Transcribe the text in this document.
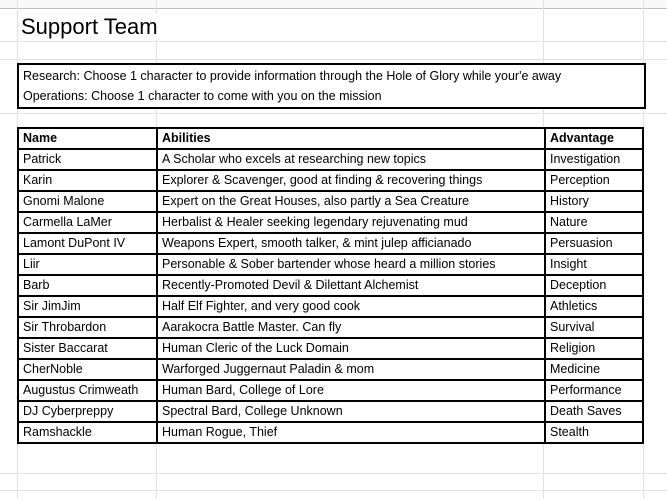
Support Team
Research: Choose 1 character to provide information through the Hole of Glory while your'e away
Operations: Choose 1 character to come with you on the mission
Name	Abilities	Advantage
Patrick	A Scholar who excels at researching new topics	Investigation
Karin	Explorer & Scavenger, good at finding & recovering things	Perception
Gnomi Malone	Expert on the Great Houses, also partly a Sea Creature	History
Carmella LaMer	Herbalist & Healer seeking legendary rejuvenating mud	Nature
Lamont DuPont IV	Weapons Expert, smooth talker, & mint julep afficianado	Persuasion
Liir	Personable & Sober bartender whose heard a million stories	Insight
Barb	Recently-Promoted Devil & Dilettant Alchemist	Deception
Sir JimJim	Half Elf Fighter, and very good cook	Athletics
Sir Throbardon	Aarakocra Battle Master. Can fly	Survival
Sister Baccarat	Human Cleric of the Luck Domain	Religion
CherNoble	Warforged Juggernaut Paladin & mom	Medicine
Augustus Crimweath	Human Bard, College of Lore	Performance
DJ Cyberpreppy	Spectral Bard, College Unknown	Death Saves
Ramshackle	Human Rogue, Thief	Stealth
